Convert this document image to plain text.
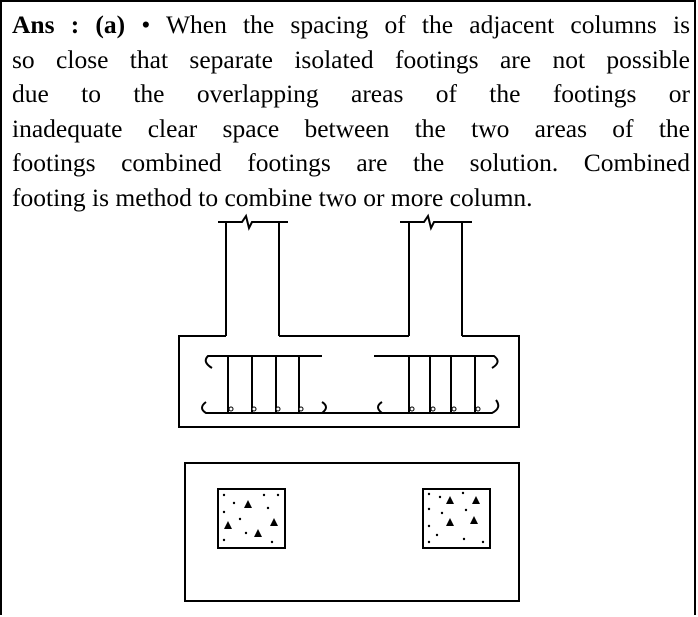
Ans : (a) • When the spacing of the adjacent columns is
so close that separate isolated footings are not possible
due to the overlapping areas of the footings or
inadequate clear space between the two areas of the
footings combined footings are the solution. Combined
footing is method to combine two or more column.
